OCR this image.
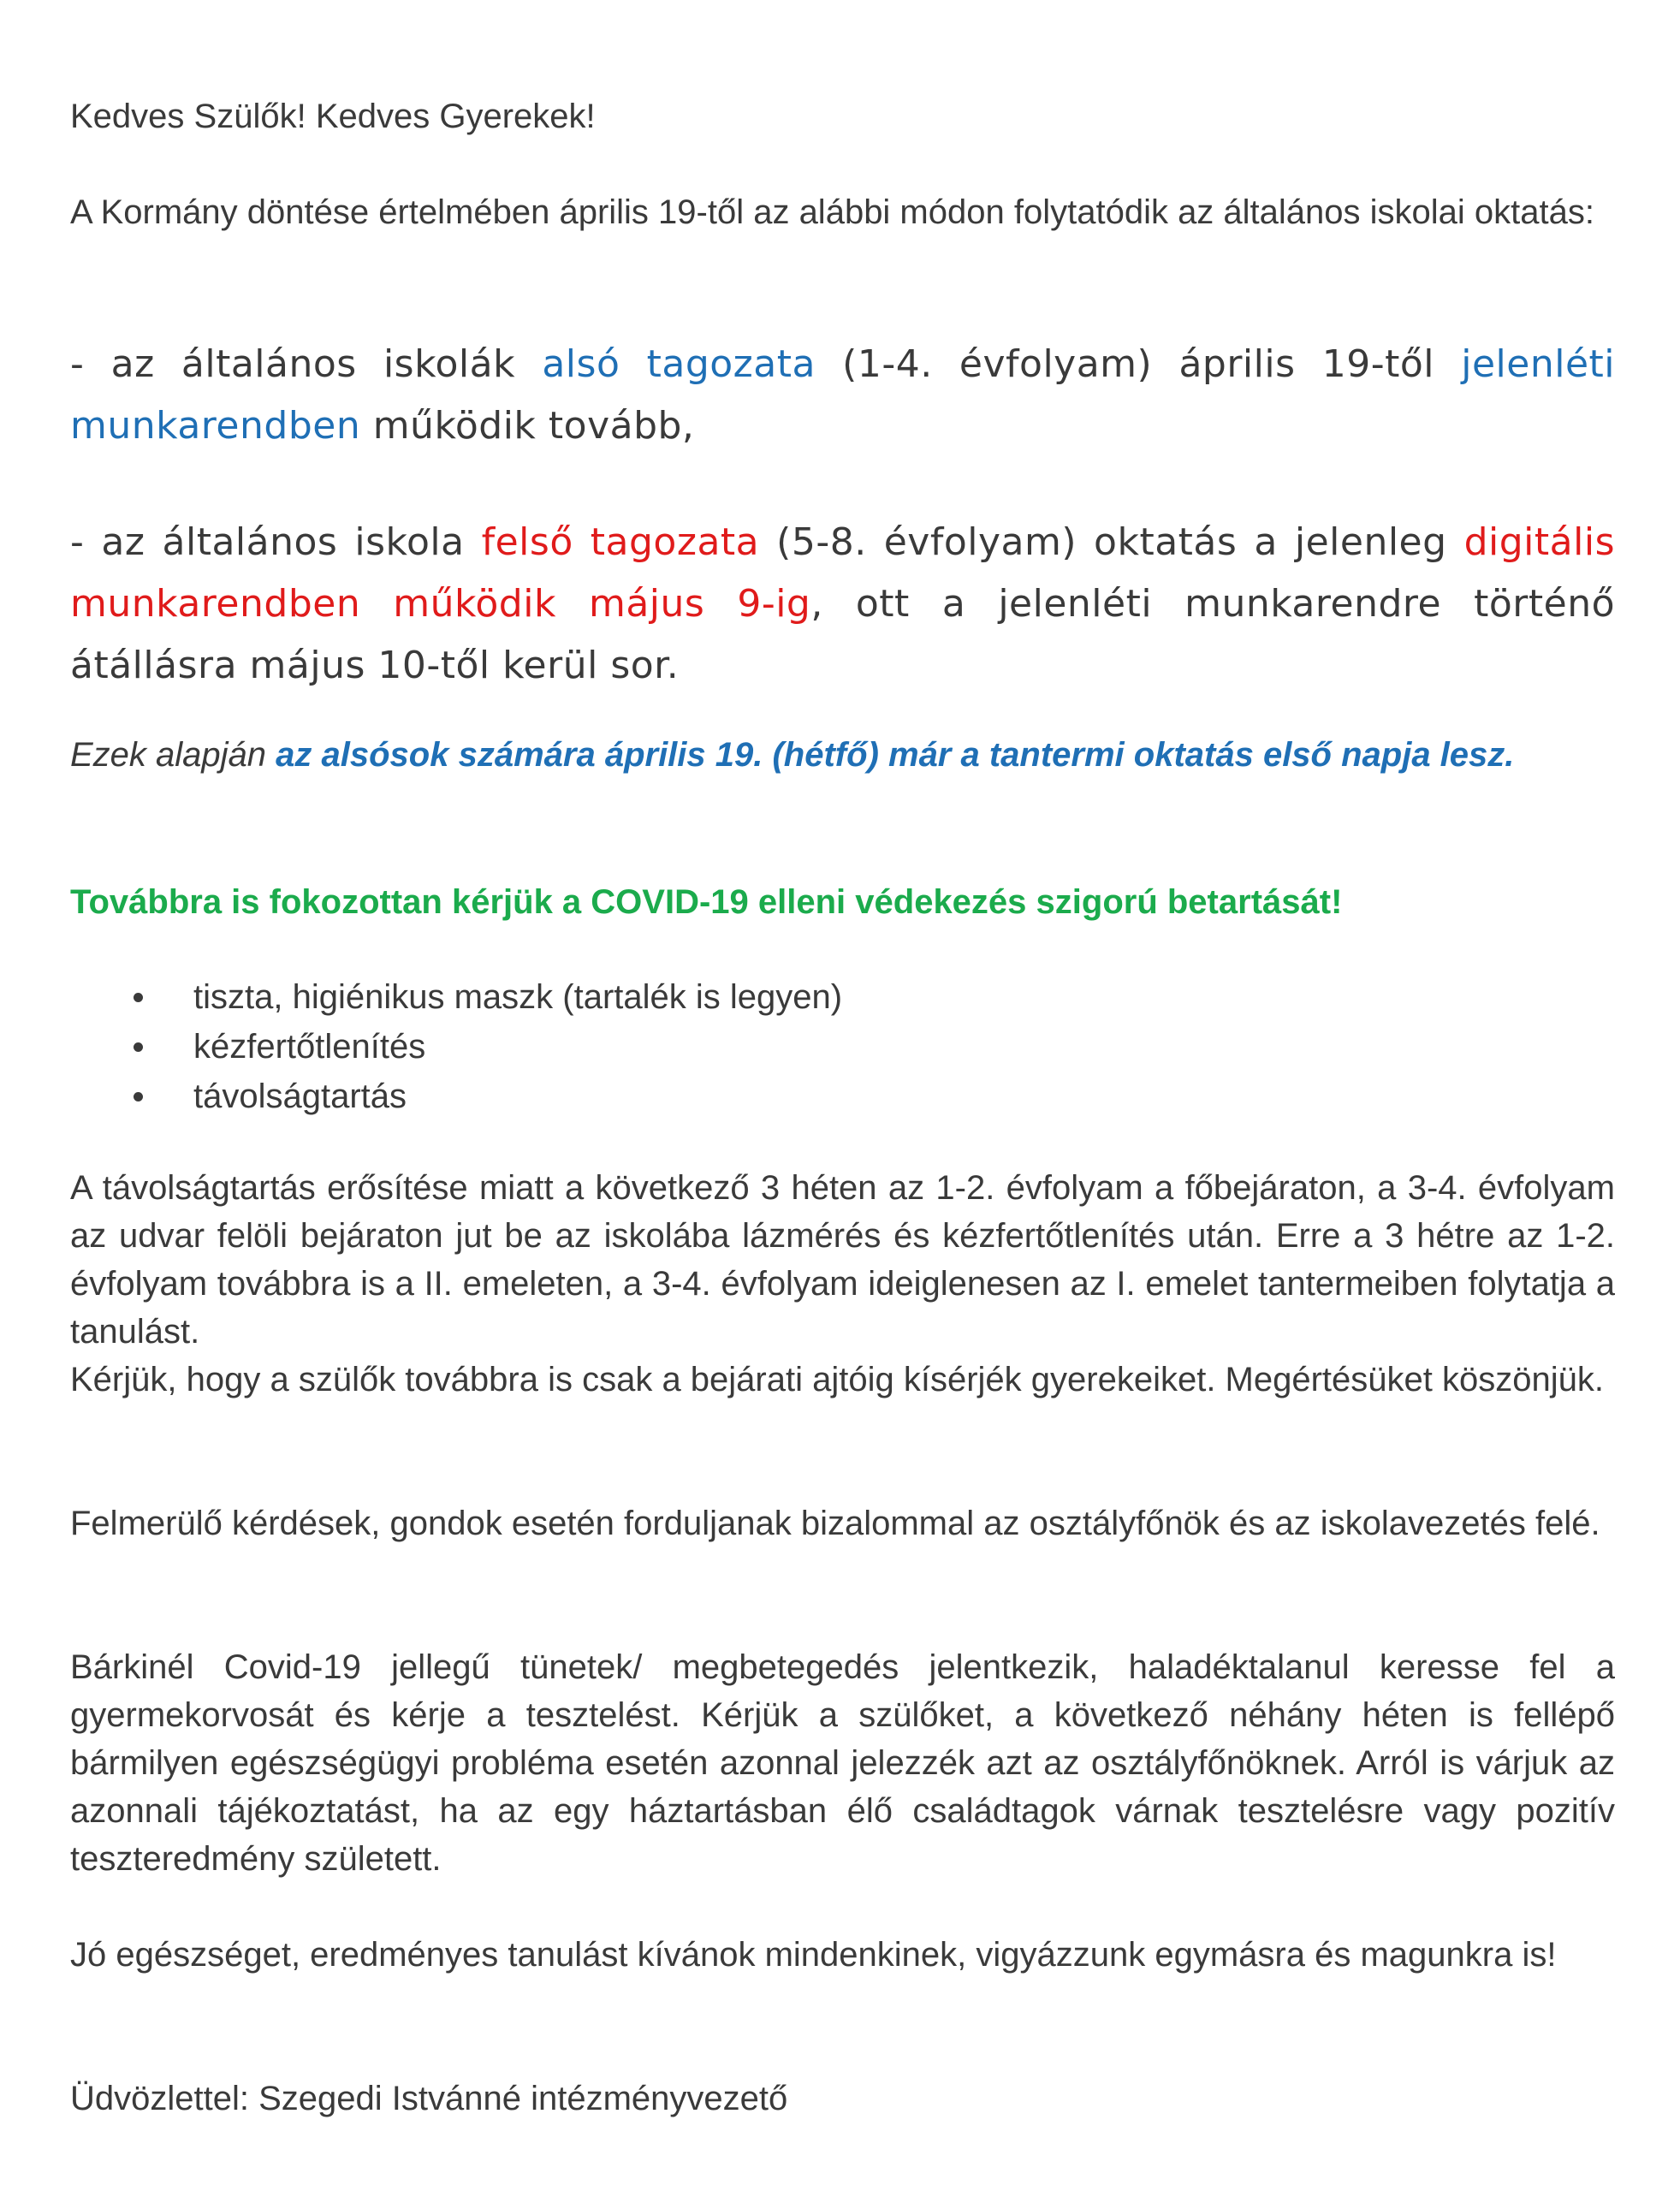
Kedves Szülők! Kedves Gyerekek!

A Kormány döntése értelmében április 19-től az alábbi módon folytatódik az általános iskolai oktatás:

- az általános iskolák alsó tagozata (1-4. évfolyam) április 19-től jelenléti munkarendben működik tovább,

- az általános iskola felső tagozata (5-8. évfolyam) oktatás a jelenleg digitális munkarendben működik május 9-ig, ott a jelenléti munkarendre történő átállásra május 10-től kerül sor.

Ezek alapján az alsósok számára április 19. (hétfő) már a tantermi oktatás első napja lesz.

Továbbra is fokozottan kérjük a COVID-19 elleni védekezés szigorú betartását!

tiszta, higiénikus maszk (tartalék is legyen)
kézfertőtlenítés
távolságtartás

A távolságtartás erősítése miatt a következő 3 héten az 1-2. évfolyam a főbejáraton, a 3-4. évfolyam az udvar felöli bejáraton jut be az iskolába lázmérés és kézfertőtlenítés után. Erre a 3 hétre az 1-2. évfolyam továbbra is a II. emeleten, a 3-4. évfolyam ideiglenesen az I. emelet tantermeiben folytatja a tanulást.

Kérjük, hogy a szülők továbbra is csak a bejárati ajtóig kísérjék gyerekeiket. Megértésüket köszönjük.

Felmerülő kérdések, gondok esetén forduljanak bizalommal az osztályfőnök és az iskolavezetés felé.

Bárkinél Covid-19 jellegű tünetek/ megbetegedés jelentkezik, haladéktalanul keresse fel a gyermekorvosát és kérje a tesztelést. Kérjük a szülőket, a következő néhány héten is fellépő bármilyen egészségügyi probléma esetén azonnal jelezzék azt az osztályfőnöknek. Arról is várjuk az azonnali tájékoztatást, ha az egy háztartásban élő családtagok várnak tesztelésre vagy pozitív teszteredmény született.

Jó egészséget, eredményes tanulást kívánok mindenkinek, vigyázzunk egymásra és magunkra is!

Üdvözlettel: Szegedi Istvánné intézményvezető
